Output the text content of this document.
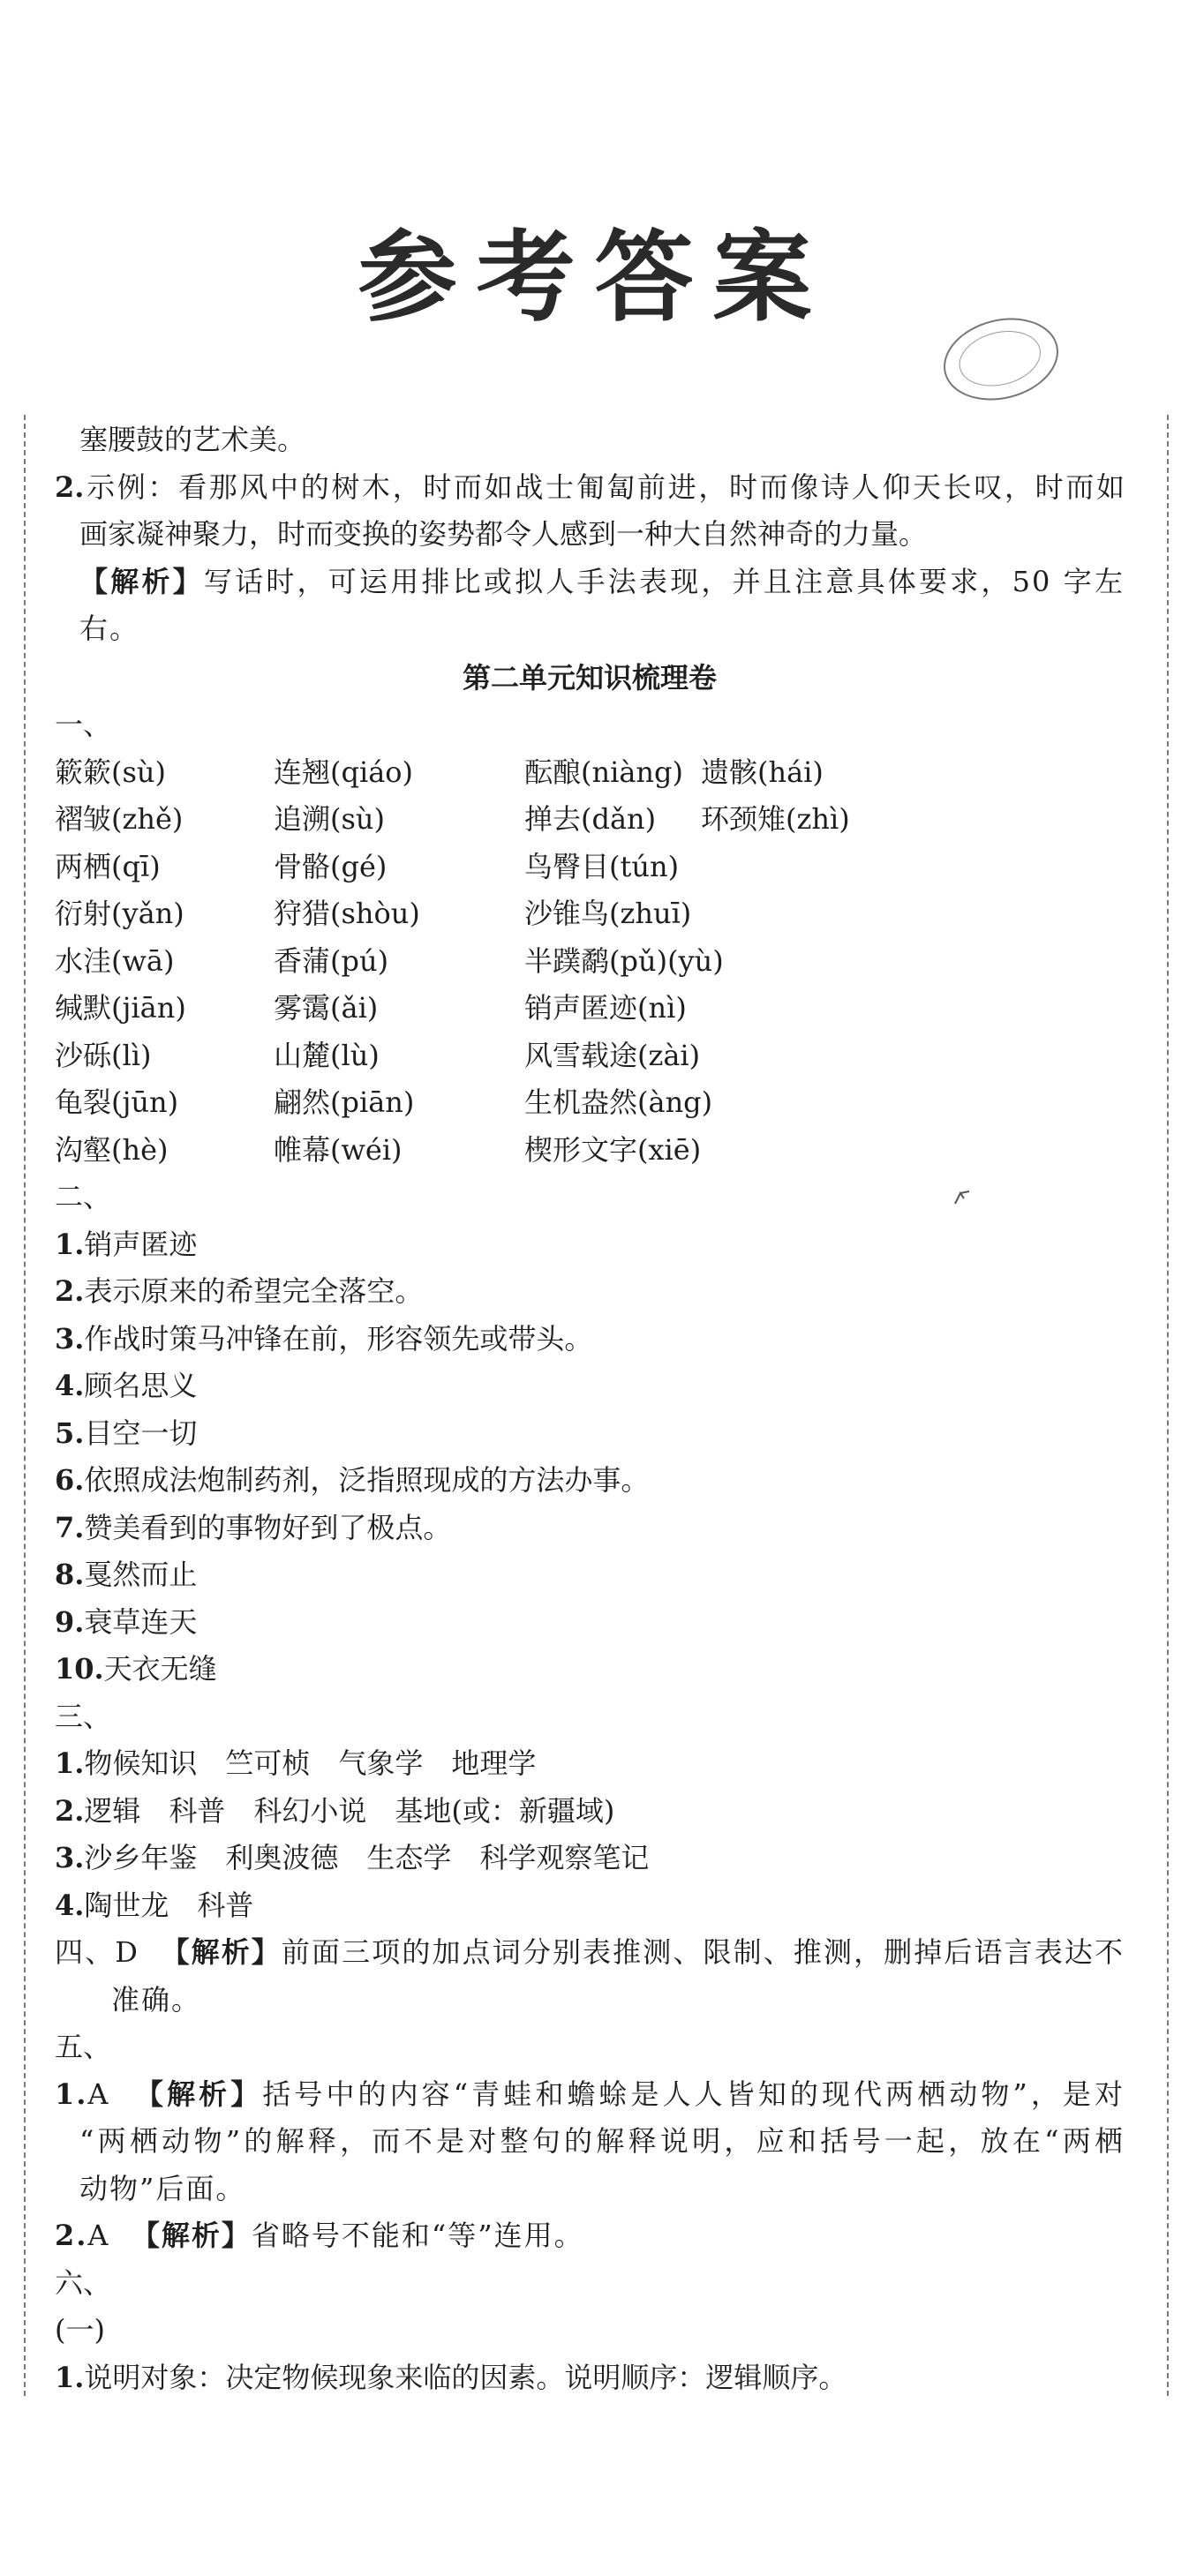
参考答案
塞腰鼓的艺术美。
2.示例：看那风中的树木，时而如战士匍匐前进，时而像诗人仰天长叹，时而如
画家凝神聚力，时而变换的姿势都令人感到一种大自然神奇的力量。
【解析】写话时，可运用排比或拟人手法表现，并且注意具体要求，50 字左
右。
第二单元知识梳理卷
一、
簌簌(sù)	连翘(qiáo)	酝酿(niàng) 遗骸(hái)
褶皱(zhě)	追溯(sù)	掸去(dǎn)	环颈雉(zhì)
两栖(qī)	骨骼(gé)	鸟臀目(tún)
衍射(yǎn)	狩猎(shòu)	沙锥鸟(zhuī)
水洼(wā)	香蒲(pú)	半蹼鹬(pǔ)(yù)
缄默(jiān)	雾霭(ǎi)	销声匿迹(nì)
沙砾(lì)	山麓(lù)	风雪载途(zài)
龟裂(jūn)	翩然(piān)	生机盎然(àng)
沟壑(hè)	帷幕(wéi)	楔形文字(xiē)
二、
1.销声匿迹
2.表示原来的希望完全落空。
3.作战时策马冲锋在前，形容领先或带头。
4.顾名思义
5.目空一切
6.依照成法炮制药剂，泛指照现成的方法办事。
7.赞美看到的事物好到了极点。
8.戛然而止
9.衰草连天
10.天衣无缝
三、
1.物候知识　竺可桢　气象学　地理学
2.逻辑　科普　科幻小说　基地(或：新疆域)
3.沙乡年鉴　利奥波德　生态学　科学观察笔记
4.陶世龙　科普
四、D 【解析】前面三项的加点词分别表推测、限制、推测，删掉后语言表达不
准确。
五、
1.A 【解析】括号中的内容“青蛙和蟾蜍是人人皆知的现代两栖动物”，是对
“两栖动物”的解释，而不是对整句的解释说明，应和括号一起，放在“两栖
动物”后面。
2.A 【解析】省略号不能和“等”连用。
六、
(一)
1.说明对象：决定物候现象来临的因素。说明顺序：逻辑顺序。
